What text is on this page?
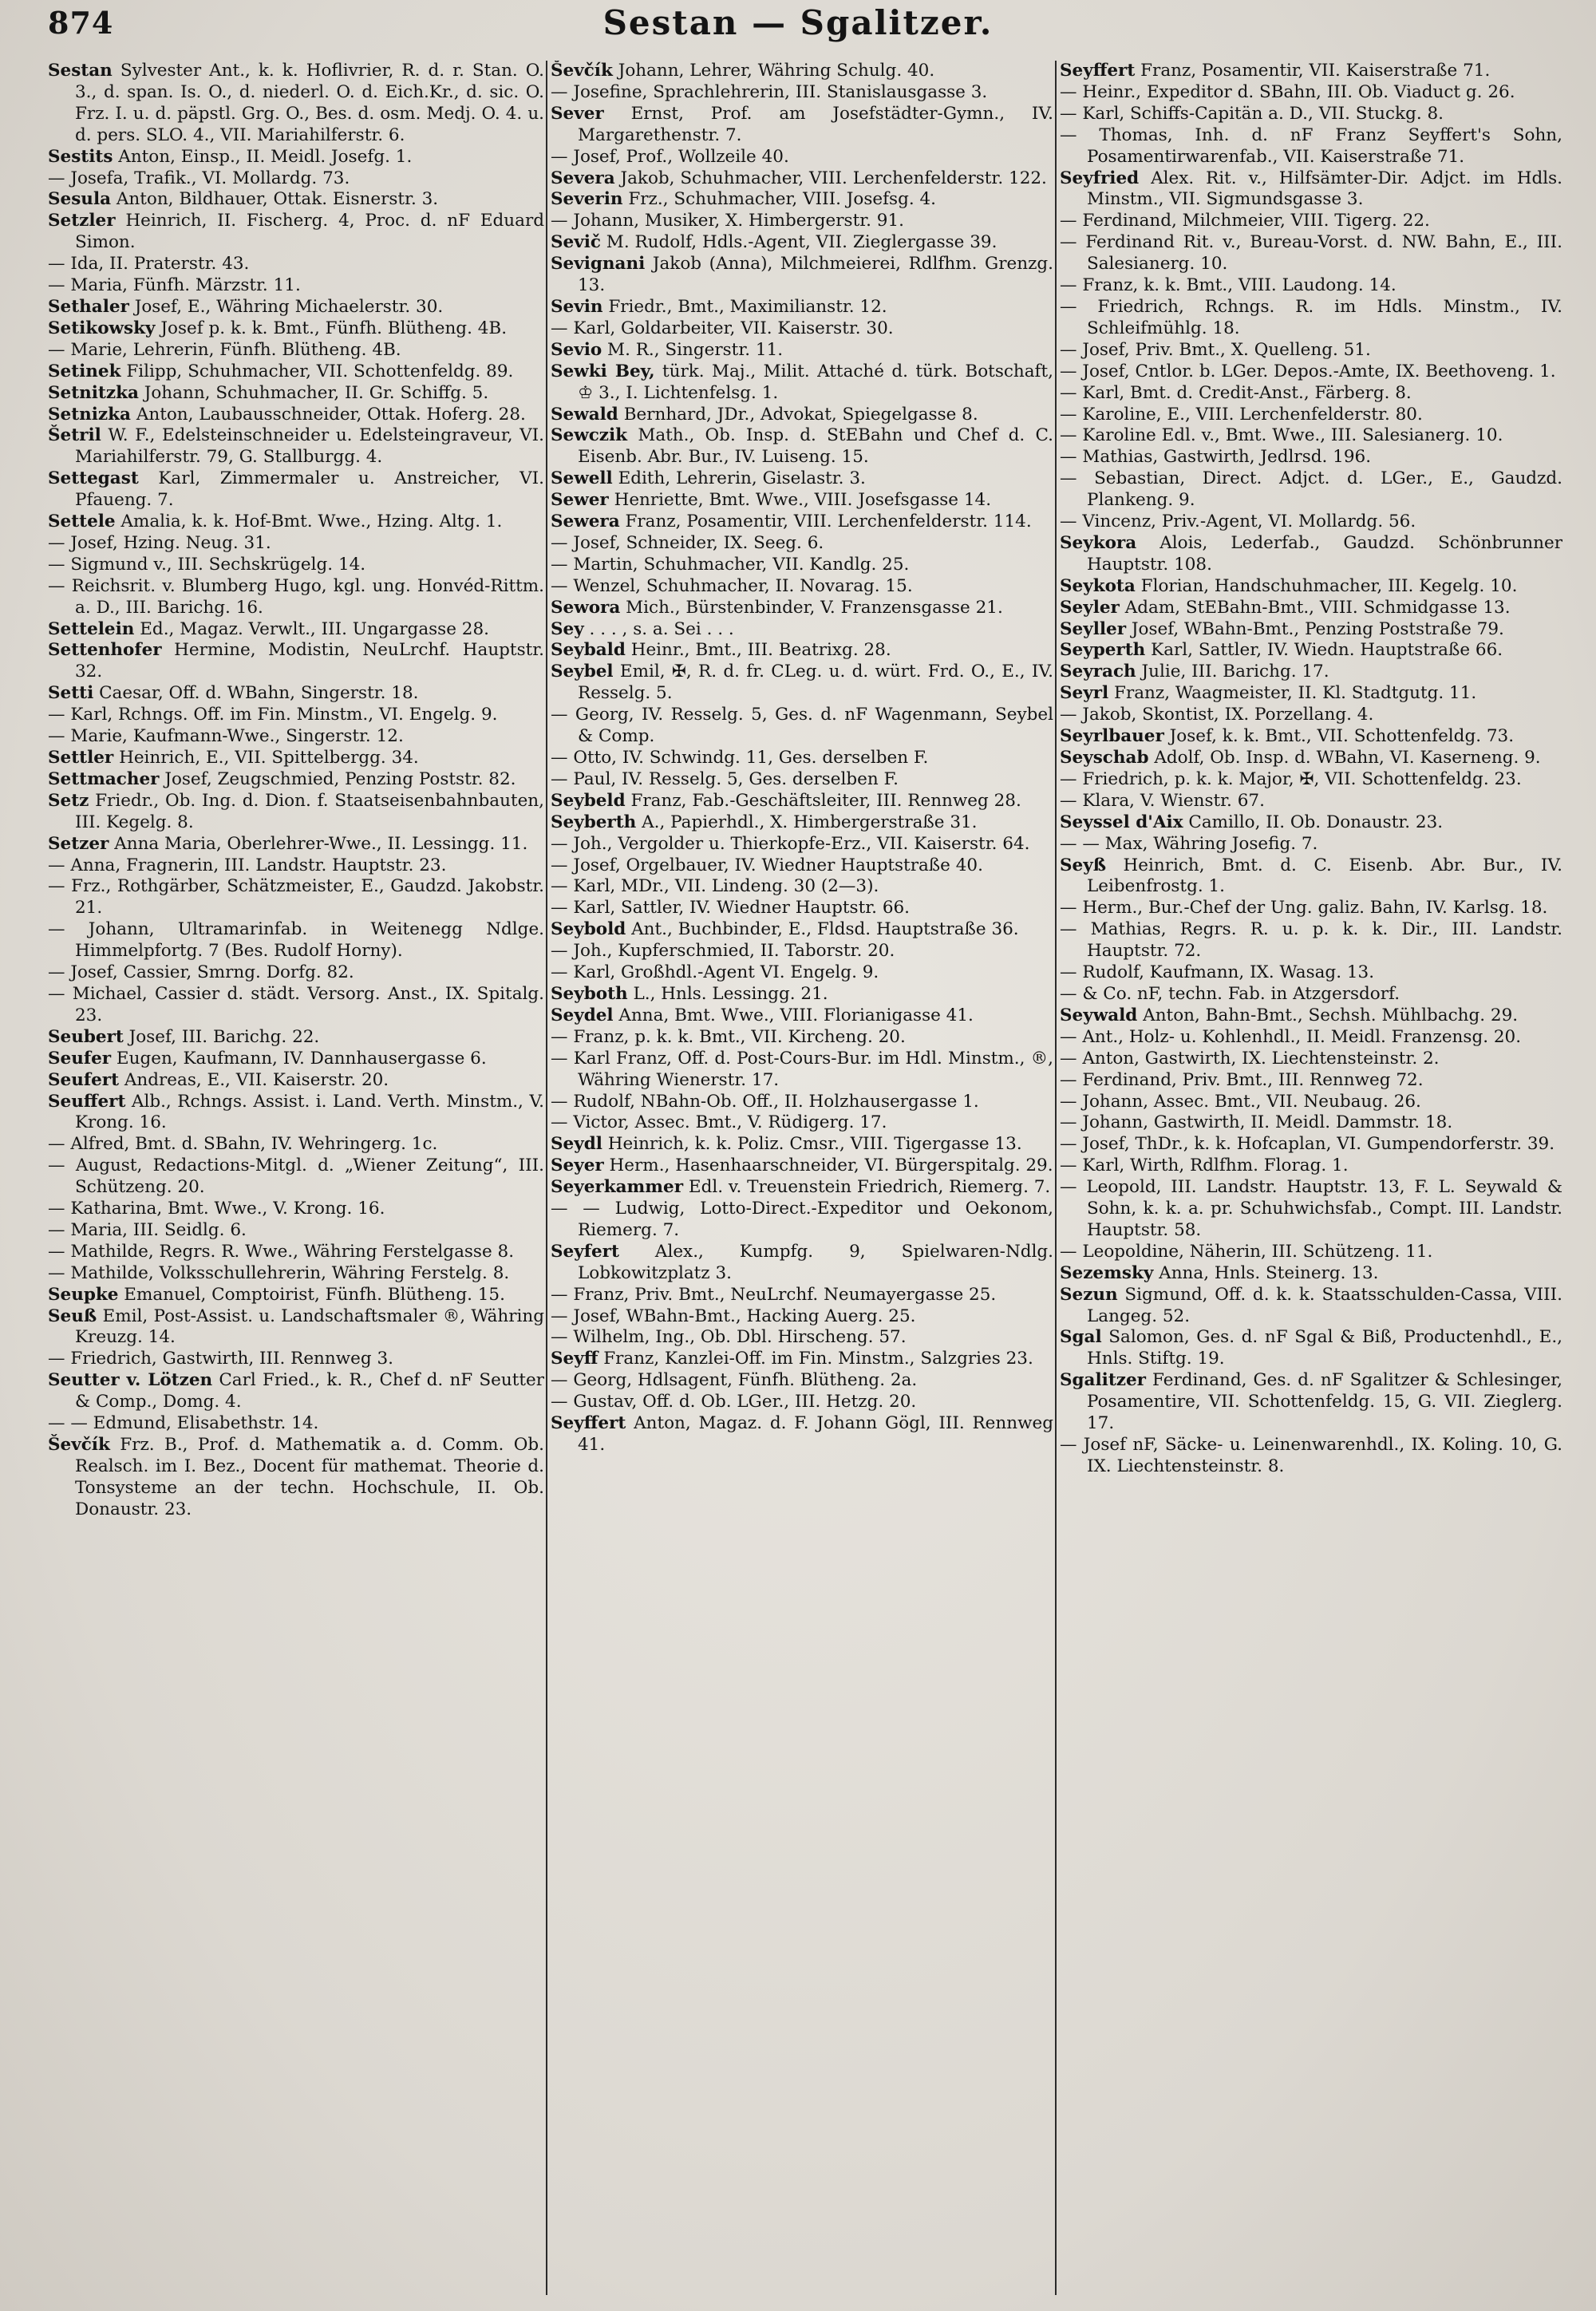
874	Sestan — Sgalitzer.
Sestan Sylvester Ant., k. k. Hoflivrier, R. d. r. Stan. O. 3., d. span. Is. O., d. niederl. O. d. Eich.Kr., d. sic. O. Frz. I. u. d. päpstl. Grg. O., Bes. d. osm. Medj. O. 4. u. d. pers. SLO. 4., VII. Mariahilferstr. 6.
Sestits Anton, Einsp., II. Meidl. Josefg. 1.
— Josefa, Trafik., VI. Mollardg. 73.
Sesula Anton, Bildhauer, Ottak. Eisnerstr. 3.
Setzler Heinrich, II. Fischerg. 4, Proc. d. nF Eduard Simon.
— Ida, II. Praterstr. 43.
— Maria, Fünfh. Märzstr. 11.
Sethaler Josef, E., Währing Michaelerstr. 30.
Setikowsky Josef p. k. k. Bmt., Fünfh. Blütheng. 4B.
— Marie, Lehrerin, Fünfh. Blütheng. 4B.
Setinek Filipp, Schuhmacher, VII. Schottenfeldg. 89.
Setnitzka Johann, Schuhmacher, II. Gr. Schiffg. 5.
Setnizka Anton, Laubausschneider, Ottak. Hoferg. 28.
Šetril W. F., Edelsteinschneider u. Edelsteingraveur, VI. Mariahilferstr. 79, G. Stallburgg. 4.
Settegast Karl, Zimmermaler u. Anstreicher, VI. Pfaueng. 7.
Settele Amalia, k. k. Hof-Bmt. Wwe., Hzing. Altg. 1.
— Josef, Hzing. Neug. 31.
— Sigmund v., III. Sechskrügelg. 14.
— Reichsrit. v. Blumberg Hugo, kgl. ung. Honvéd-Rittm. a. D., III. Barichg. 16.
Settelein Ed., Magaz. Verwlt., III. Ungargasse 28.
Settenhofer Hermine, Modistin, NeuLrchf. Hauptstr. 32.
Setti Caesar, Off. d. WBahn, Singerstr. 18.
— Karl, Rchngs. Off. im Fin. Minstm., VI. Engelg. 9.
— Marie, Kaufmann-Wwe., Singerstr. 12.
Settler Heinrich, E., VII. Spittelbergg. 34.
Settmacher Josef, Zeugschmied, Penzing Poststr. 82.
Setz Friedr., Ob. Ing. d. Dion. f. Staatseisenbahnbauten, III. Kegelg. 8.
Setzer Anna Maria, Oberlehrer-Wwe., II. Lessingg. 11.
— Anna, Fragnerin, III. Landstr. Hauptstr. 23.
— Frz., Rothgärber, Schätzmeister, E., Gaudzd. Jakobstr. 21.
— Johann, Ultramarinfab. in Weitenegg Ndlge. Himmelpfortg. 7 (Bes. Rudolf Horny).
— Josef, Cassier, Smrng. Dorfg. 82.
— Michael, Cassier d. städt. Versorg. Anst., IX. Spitalg. 23.
Seubert Josef, III. Barichg. 22.
Seufer Eugen, Kaufmann, IV. Dannhausergasse 6.
Seufert Andreas, E., VII. Kaiserstr. 20.
Seuffert Alb., Rchngs. Assist. i. Land. Verth. Minstm., V. Krong. 16.
— Alfred, Bmt. d. SBahn, IV. Wehringerg. 1c.
— August, Redactions-Mitgl. d. „Wiener Zeitung“, III. Schützeng. 20.
— Katharina, Bmt. Wwe., V. Krong. 16.
— Maria, III. Seidlg. 6.
— Mathilde, Regrs. R. Wwe., Währing Ferstelgasse 8.
— Mathilde, Volksschullehrerin, Währing Ferstelg. 8.
Seupke Emanuel, Comptoirist, Fünfh. Blütheng. 15.
Seuß Emil, Post-Assist. u. Landschaftsmaler ®, Währing Kreuzg. 14.
— Friedrich, Gastwirth, III. Rennweg 3.
Seutter v. Lötzen Carl Fried., k. R., Chef d. nF Seutter & Comp., Domg. 4.
— — Edmund, Elisabethstr. 14.
Ševčík Frz. B., Prof. d. Mathematik a. d. Comm. Ob. Realsch. im I. Bez., Docent für mathemat. Theorie d. Tonsysteme an der techn. Hochschule, II. Ob. Donaustr. 23.
Ševčík Johann, Lehrer, Währing Schulg. 40.
— Josefine, Sprachlehrerin, III. Stanislausgasse 3.
Sever Ernst, Prof. am Josefstädter-Gymn., IV. Margarethenstr. 7.
— Josef, Prof., Wollzeile 40.
Severa Jakob, Schuhmacher, VIII. Lerchenfelderstr. 122.
Severin Frz., Schuhmacher, VIII. Josefsg. 4.
— Johann, Musiker, X. Himbergerstr. 91.
Sevič M. Rudolf, Hdls.-Agent, VII. Zieglergasse 39.
Sevignani Jakob (Anna), Milchmeierei, Rdlfhm. Grenzg. 13.
Sevin Friedr., Bmt., Maximilianstr. 12.
— Karl, Goldarbeiter, VII. Kaiserstr. 30.
Sevio M. R., Singerstr. 11.
Sewki Bey, türk. Maj., Milit. Attaché d. türk. Botschaft, ♔ 3., I. Lichtenfelsg. 1.
Sewald Bernhard, JDr., Advokat, Spiegelgasse 8.
Sewczik Math., Ob. Insp. d. StEBahn und Chef d. C. Eisenb. Abr. Bur., IV. Luiseng. 15.
Sewell Edith, Lehrerin, Giselastr. 3.
Sewer Henriette, Bmt. Wwe., VIII. Josefsgasse 14.
Sewera Franz, Posamentir, VIII. Lerchenfelderstr. 114.
— Josef, Schneider, IX. Seeg. 6.
— Martin, Schuhmacher, VII. Kandlg. 25.
— Wenzel, Schuhmacher, II. Novarag. 15.
Sewora Mich., Bürstenbinder, V. Franzensgasse 21.
Sey . . . , s. a. Sei . . .
Seybald Heinr., Bmt., III. Beatrixg. 28.
Seybel Emil, ✠, R. d. fr. CLeg. u. d. würt. Frd. O., E., IV. Resselg. 5.
— Georg, IV. Resselg. 5, Ges. d. nF Wagenmann, Seybel & Comp.
— Otto, IV. Schwindg. 11, Ges. derselben F.
— Paul, IV. Resselg. 5, Ges. derselben F.
Seybeld Franz, Fab.-Geschäftsleiter, III. Rennweg 28.
Seyberth A., Papierhdl., X. Himbergerstraße 31.
— Joh., Vergolder u. Thierkopfe-Erz., VII. Kaiserstr. 64.
— Josef, Orgelbauer, IV. Wiedner Hauptstraße 40.
— Karl, MDr., VII. Lindeng. 30 (2—3).
— Karl, Sattler, IV. Wiedner Hauptstr. 66.
Seybold Ant., Buchbinder, E., Fldsd. Hauptstraße 36.
— Joh., Kupferschmied, II. Taborstr. 20.
— Karl, Großhdl.-Agent VI. Engelg. 9.
Seyboth L., Hnls. Lessingg. 21.
Seydel Anna, Bmt. Wwe., VIII. Florianigasse 41.
— Franz, p. k. k. Bmt., VII. Kircheng. 20.
— Karl Franz, Off. d. Post-Cours-Bur. im Hdl. Minstm., ®, Währing Wienerstr. 17.
— Rudolf, NBahn-Ob. Off., II. Holzhausergasse 1.
— Victor, Assec. Bmt., V. Rüdigerg. 17.
Seydl Heinrich, k. k. Poliz. Cmsr., VIII. Tigergasse 13.
Seyer Herm., Hasenhaarschneider, VI. Bürgerspitalg. 29.
Seyerkammer Edl. v. Treuenstein Friedrich, Riemerg. 7.
— — Ludwig, Lotto-Direct.-Expeditor und Oekonom, Riemerg. 7.
Seyfert Alex., Kumpfg. 9, Spielwaren-Ndlg. Lobkowitzplatz 3.
— Franz, Priv. Bmt., NeuLrchf. Neumayergasse 25.
— Josef, WBahn-Bmt., Hacking Auerg. 25.
— Wilhelm, Ing., Ob. Dbl. Hirscheng. 57.
Seyff Franz, Kanzlei-Off. im Fin. Minstm., Salzgries 23.
— Georg, Hdlsagent, Fünfh. Blütheng. 2a.
— Gustav, Off. d. Ob. LGer., III. Hetzg. 20.
Seyffert Anton, Magaz. d. F. Johann Gögl, III. Rennweg 41.
Seyffert Franz, Posamentir, VII. Kaiserstraße 71.
— Heinr., Expeditor d. SBahn, III. Ob. Viaduct g. 26.
— Karl, Schiffs-Capitän a. D., VII. Stuckg. 8.
— Thomas, Inh. d. nF Franz Seyffert's Sohn, Posamentirwarenfab., VII. Kaiserstraße 71.
Seyfried Alex. Rit. v., Hilfsämter-Dir. Adjct. im Hdls. Minstm., VII. Sigmundsgasse 3.
— Ferdinand, Milchmeier, VIII. Tigerg. 22.
— Ferdinand Rit. v., Bureau-Vorst. d. NW. Bahn, E., III. Salesianerg. 10.
— Franz, k. k. Bmt., VIII. Laudong. 14.
— Friedrich, Rchngs. R. im Hdls. Minstm., IV. Schleifmühlg. 18.
— Josef, Priv. Bmt., X. Quelleng. 51.
— Josef, Cntlor. b. LGer. Depos.-Amte, IX. Beethoveng. 1.
— Karl, Bmt. d. Credit-Anst., Färberg. 8.
— Karoline, E., VIII. Lerchenfelderstr. 80.
— Karoline Edl. v., Bmt. Wwe., III. Salesianerg. 10.
— Mathias, Gastwirth, Jedlrsd. 196.
— Sebastian, Direct. Adjct. d. LGer., E., Gaudzd. Plankeng. 9.
— Vincenz, Priv.-Agent, VI. Mollardg. 56.
Seykora Alois, Lederfab., Gaudzd. Schönbrunner Hauptstr. 108.
Seykota Florian, Handschuhmacher, III. Kegelg. 10.
Seyler Adam, StEBahn-Bmt., VIII. Schmidgasse 13.
Seyller Josef, WBahn-Bmt., Penzing Poststraße 79.
Seyperth Karl, Sattler, IV. Wiedn. Hauptstraße 66.
Seyrach Julie, III. Barichg. 17.
Seyrl Franz, Waagmeister, II. Kl. Stadtgutg. 11.
— Jakob, Skontist, IX. Porzellang. 4.
Seyrlbauer Josef, k. k. Bmt., VII. Schottenfeldg. 73.
Seyschab Adolf, Ob. Insp. d. WBahn, VI. Kaserneng. 9.
— Friedrich, p. k. k. Major, ✠, VII. Schottenfeldg. 23.
— Klara, V. Wienstr. 67.
Seyssel d'Aix Camillo, II. Ob. Donaustr. 23.
— — Max, Währing Josefig. 7.
Seyß Heinrich, Bmt. d. C. Eisenb. Abr. Bur., IV. Leibenfrostg. 1.
— Herm., Bur.-Chef der Ung. galiz. Bahn, IV. Karlsg. 18.
— Mathias, Regrs. R. u. p. k. k. Dir., III. Landstr. Hauptstr. 72.
— Rudolf, Kaufmann, IX. Wasag. 13.
— & Co. nF, techn. Fab. in Atzgersdorf.
Seywald Anton, Bahn-Bmt., Sechsh. Mühlbachg. 29.
— Ant., Holz- u. Kohlenhdl., II. Meidl. Franzensg. 20.
— Anton, Gastwirth, IX. Liechtensteinstr. 2.
— Ferdinand, Priv. Bmt., III. Rennweg 72.
— Johann, Assec. Bmt., VII. Neubaug. 26.
— Johann, Gastwirth, II. Meidl. Dammstr. 18.
— Josef, ThDr., k. k. Hofcaplan, VI. Gumpendorferstr. 39.
— Karl, Wirth, Rdlfhm. Florag. 1.
— Leopold, III. Landstr. Hauptstr. 13, F. L. Seywald & Sohn, k. k. a. pr. Schuhwichsfab., Compt. III. Landstr. Hauptstr. 58.
— Leopoldine, Näherin, III. Schützeng. 11.
Sezemsky Anna, Hnls. Steinerg. 13.
Sezun Sigmund, Off. d. k. k. Staatsschulden-Cassa, VIII. Langeg. 52.
Sgal Salomon, Ges. d. nF Sgal & Biß, Productenhdl., E., Hnls. Stiftg. 19.
Sgalitzer Ferdinand, Ges. d. nF Sgalitzer & Schlesinger, Posamentire, VII. Schottenfeldg. 15, G. VII. Zieglerg. 17.
— Josef nF, Säcke- u. Leinenwarenhdl., IX. Koling. 10, G. IX. Liechtensteinstr. 8.
